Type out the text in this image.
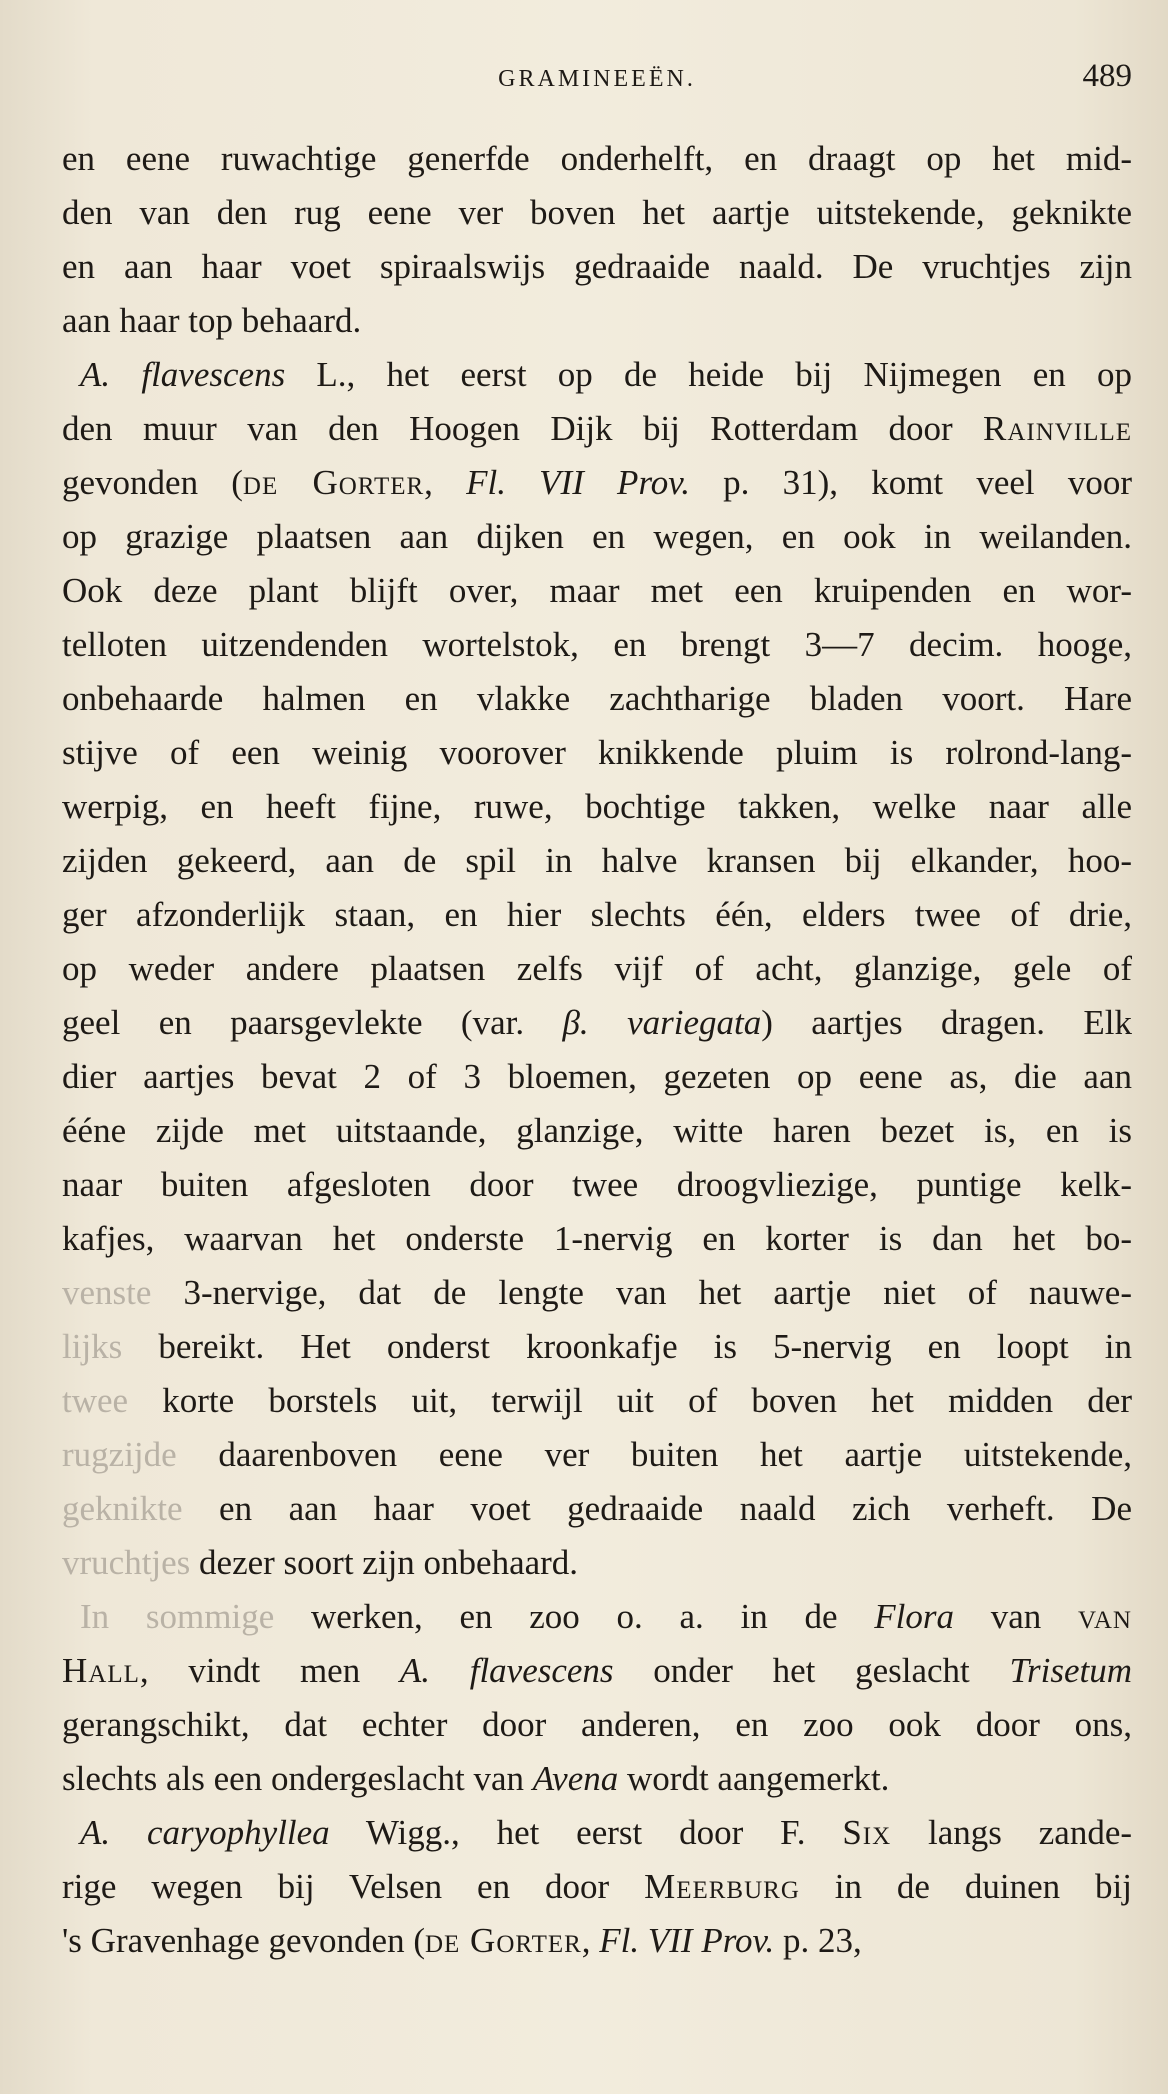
GRAMINEEËN.	489
en eene ruwachtige generfde onderhelft, en draagt op het mid-
den van den rug eene ver boven het aartje uitstekende, geknikte
en aan haar voet spiraalswijs gedraaide naald. De vruchtjes zijn
aan haar top behaard.
A. flavescens L., het eerst op de heide bij Nijmegen en op
den muur van den Hoogen Dijk bij Rotterdam door Rainville
gevonden (de Gorter, Fl. VII Prov. p. 31), komt veel voor
op grazige plaatsen aan dijken en wegen, en ook in weilanden.
Ook deze plant blijft over, maar met een kruipenden en wor-
telloten uitzendenden wortelstok, en brengt 3—7 decim. hooge,
onbehaarde halmen en vlakke zachtharige bladen voort. Hare
stijve of een weinig voorover knikkende pluim is rolrond-lang-
werpig, en heeft fijne, ruwe, bochtige takken, welke naar alle
zijden gekeerd, aan de spil in halve kransen bij elkander, hoo-
ger afzonderlijk staan, en hier slechts één, elders twee of drie,
op weder andere plaatsen zelfs vijf of acht, glanzige, gele of
geel en paarsgevlekte (var. β. variegata) aartjes dragen. Elk
dier aartjes bevat 2 of 3 bloemen, gezeten op eene as, die aan
ééne zijde met uitstaande, glanzige, witte haren bezet is, en is
naar buiten afgesloten door twee droogvliezige, puntige kelk-
kafjes, waarvan het onderste 1-nervig en korter is dan het bo-
venste 3-nervige, dat de lengte van het aartje niet of nauwe-
lijks bereikt. Het onderst kroonkafje is 5-nervig en loopt in
twee korte borstels uit, terwijl uit of boven het midden der
rugzijde daarenboven eene ver buiten het aartje uitstekende,
geknikte en aan haar voet gedraaide naald zich verheft. De
vruchtjes dezer soort zijn onbehaard.
In sommige werken, en zoo o. a. in de Flora van van
Hall, vindt men A. flavescens onder het geslacht Trisetum
gerangschikt, dat echter door anderen, en zoo ook door ons,
slechts als een ondergeslacht van Avena wordt aangemerkt.
A. caryophyllea Wigg., het eerst door F. Six langs zande-
rige wegen bij Velsen en door Meerburg in de duinen bij
's Gravenhage gevonden (de Gorter, Fl. VII Prov. p. 23,
